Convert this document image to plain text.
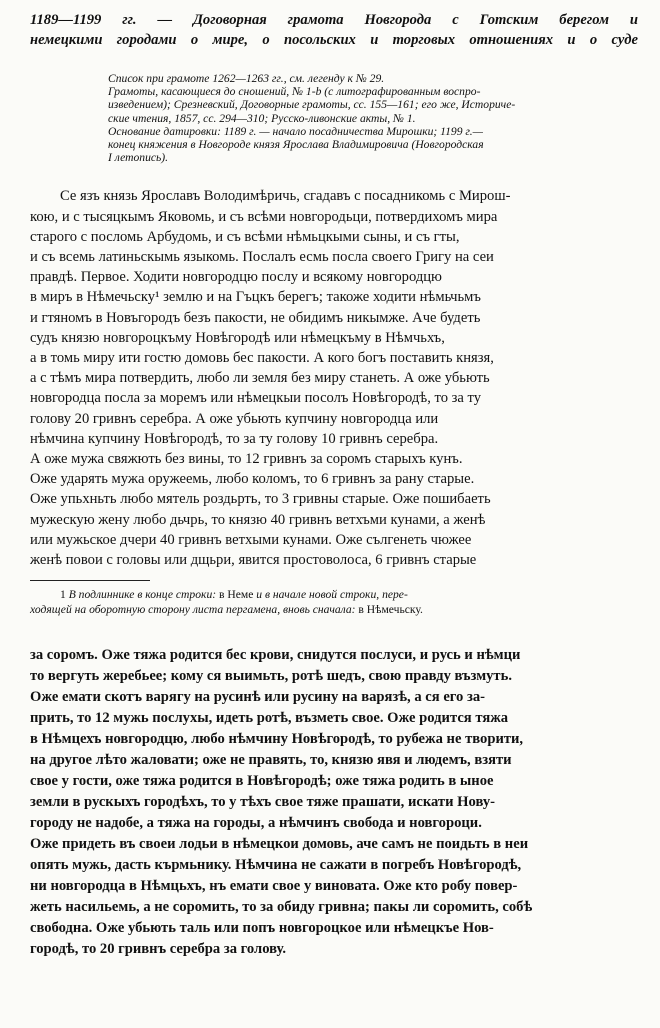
1189—1199 гг. — Договорная грамота Новгорода с Готским берегом и
немецкими городами о мире, о посольских и торговых отношениях и о суде

Список при грамоте 1262—1263 гг., см. легенду к № 29.
Грамоты, касающиеся до сношений, № 1-b (с литографированным воспро-
изведением); Срезневский, Договорные грамоты, сс. 155—161; его же, Историче-
ские чтения, 1857, сс. 294—310; Русско-ливонские акты, № 1.

Основание датировки: 1189 г. — начало посадничества Мирошки; 1199 г.—
конец княжения в Новгороде князя Ярослава Владимировича (Новгородская
I летопись).

Се язъ князь Ярославъ Володимѣричь, сгадавъ с посадникомь с Мирош-
кою, и с тысяцкымъ Яковомь, и съ всѣми новгородьци, потвердихомъ мира
старого с посломь Арбудомь, и съ всѣми нѣмьцкыми сыны, и съ гты,
и съ всемь латиньскымь языкомь. Послалъ есмь посла своего Григу на сеи
правдѣ. Первое. Ходити новгородцю послу и всякому новгородцю
в миръ в Нѣмечьску¹ землю и на Гъцкъ берегъ; такоже ходити нѣмьчьмъ
и гтяномъ в Новъгородъ безъ пакости, не обидимъ никымже. Аче будеть
судъ князю новгороцкъму Новѣгородѣ или нѣмецкъму в Нѣмчьхъ,
а в томь миру ити гостю домовь бес пакости. А кого богъ поставить князя,
а с тѣмъ мира потвердить, любо ли земля без миру станеть. А оже убьють
новгородца посла за моремъ или нѣмецкыи посолъ Новѣгородѣ, то за ту
голову 20 гривнъ серебра. А оже убьють купчину новгородца или
нѣмчина купчину Новѣгородѣ, то за ту голову 10 гривнъ серебра.
А оже мужа свяжють без вины, то 12 гривнъ за соромъ старыхъ кунъ.
Оже ударять мужа оружеемь, любо коломъ, то 6 гривнъ за рану старые.
Оже упьхньть любо мятель роздьрть, то 3 гривны старые. Оже пошибаеть
мужескую жену любо дьчрь, то князю 40 гривнъ ветхъми кунами, а женѣ
или мужьское дчери 40 гривнъ ветхыми кунами. Оже сългенеть чюжее
женѣ повои с головы или дщьри, явится простоволоса, 6 гривнъ старые
1 В подлиннике в конце строки: в Неме и в начале новой строки, пере-
ходящей на оборотную сторону листа пергамена, вновь сначала: в Нѣмечьску.
за соромъ. Оже тяжа родится бес крови, снидутся послуси, и русь и нѣмци
то вергуть жеребьее; кому ся выимьть, ротѣ шедъ, свою правду възмуть.
Оже емати скотъ варягу на русинѣ или русину на варязѣ, а ся его за-
прить, то 12 мужь послухы, идеть ротѣ, възметь свое. Оже родится тяжа
в Нѣмцехъ новгородцю, любо нѣмчину Новѣгородѣ, то рубежа не творити,
на другое лѣто жаловати; оже не правять, то, князю явя и людемъ, взяти
свое у гости, оже тяжа родится в Новѣгородѣ; оже тяжа родить в ыное
земли в рускыхъ городѣхъ, то у тѣхъ свое тяже прашати, искати Нову-
городу не надобе, а тяжа на городы, а нѣмчинъ свобода и новгороци.
Оже придеть въ своеи лодьи в нѣмецкои домовь, аче самъ не поидьть в неи
опять мужь, дасть кърмьнику. Нѣмчина не сажати в погребъ Новѣгородѣ,
ни новгородца в Нѣмцьхъ, нъ емати свое у виновата. Оже кто робу повер-
жеть насильемь, а не соромить, то за обиду гривна; пакы ли соромить, собѣ
свободна. Оже убьють таль или попъ новгороцкое или нѣмецкъе Нов-
городѣ, то 20 гривнъ серебра за голову.
